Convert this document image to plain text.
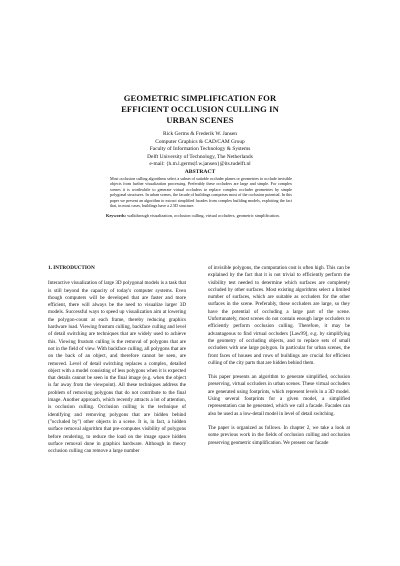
GEOMETRIC SIMPLIFICATION FOR
EFFICIENT OCCLUSION CULLING IN
URBAN SCENES
Rick Germs & Frederik W. Jansen
Computer Graphics & CAD/CAM Group
Faculty of Information Technology & Systems
Delft University of Technology, The Netherlands
e-mail: {h.m.l.germs|f.w.jansen}@its.tudelft.nl
ABSTRACT
Most occlusion culling algorithms select a subset of suitable occluder planes or geometries to occlude invisible objects from further visualization processing. Preferably these occluders are large and simple. For complex scenes it is worthwhile to generate virtual occluders to replace complex occluder geometries by simple polygonal structures. In urban scenes, the facade of buildings comprises most of the occlusion potential. In this paper we present an algorithm to extract simplified facades from complex building models, exploiting the fact that, in most cases, buildings have a 2.5D structure.
Keywords: walkthrough visualization, occlusion culling, virtual occluders, geometric simplification.
1. INTRODUCTION

Interactive visualization of large 3D polygonal models is a task that is still beyond the capacity of today's computer systems. Even though computers will be developed that are faster and more efficient, there will always be the need to visualize larger 3D models. Successful ways to speed up visualization aim at lowering the polygon-count at each frame, thereby reducing graphics hardware load. Viewing frustum culling, backface culling and level of detail switching are techniques that are widely used to achieve this. Viewing frustum culling is the removal of polygons that are not in the field of view. With backface culling, all polygons that are on the back of an object, and therefore cannot be seen, are removed. Level of detail switching replaces a complex, detailed object with a model consisting of less polygons when it is expected that details cannot be seen in the final image (e.g. when the object is far away from the viewpoint). All these techniques address the problem of removing polygons that do not contribute to the final image. Another approach, which recently attracts a lot of attention, is occlusion culling. Occlusion culling is the technique of identifying and removing polygons that are hidden behind ("occluded by") other objects in a scene. It is, in fact, a hidden surface removal algorithm that pre-computes visibility of polygons before rendering, to reduce the load on the image space hidden surface removal done in graphics hardware. Although in theory occlusion culling can remove a large number

of invisible polygons, the computation cost is often high. This can be explained by the fact that it is not trivial to efficiently perform the visibility test needed to determine which surfaces are completely occluded by other surfaces. Most existing algorithms select a limited number of surfaces, which are suitable as occluders for the other surfaces in the scene. Preferably, these occluders are large, so they have the potential of occluding a large part of the scene. Unfortunately, most scenes do not contain enough large occluders to efficiently perform occlusion culling. Therefore, it may be advantageous to find virtual occluders [Law99], e.g. by simplifying the geometry of occluding objects, and to replace sets of small occluders with one large polygon. In particular for urban scenes, the front faces of houses and rows of buildings are crucial for efficient culling of the city parts that are hidden behind them.

This paper presents an algorithm to generate simplified, occlusion preserving, virtual occluders in urban scenes. These virtual occluders are generated using footprints, which represent levels in a 3D model. Using several footprints for a given model, a simplified representation can be generated, which we call a facade. Facades can also be used as a low-detail model in level of detail switching.

The paper is organized as follows. In chapter 2, we take a look at some previous work in the fields of occlusion culling and occlusion preserving geometric simplification. We present our facade
